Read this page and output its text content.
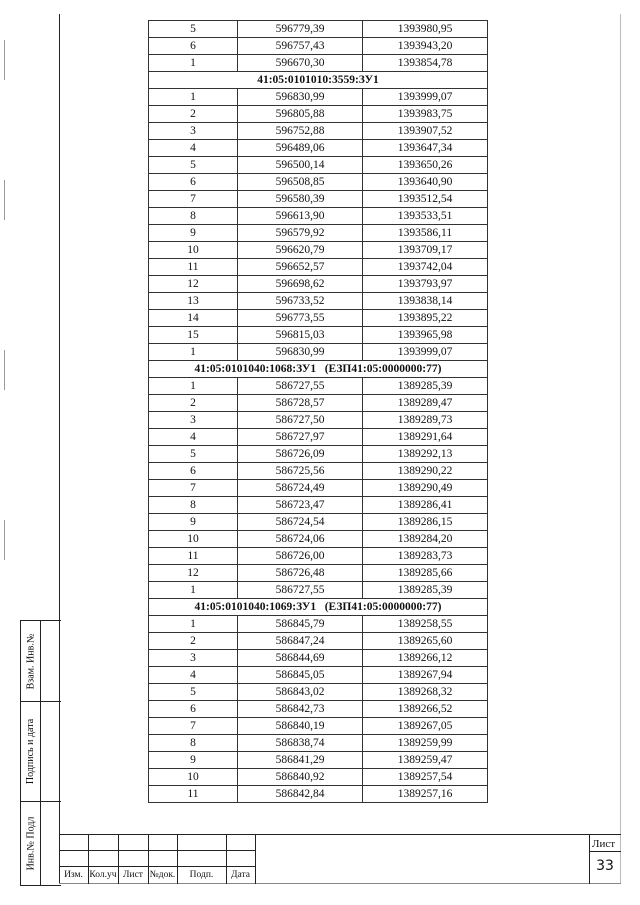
5	596779,39	1393980,95
6	596757,43	1393943,20
1	596670,30	1393854,78
41:05:0101010:3559:ЗУ1		
1	596830,99	1393999,07
2	596805,88	1393983,75
3	596752,88	1393907,52
4	596489,06	1393647,34
5	596500,14	1393650,26
6	596508,85	1393640,90
7	596580,39	1393512,54
8	596613,90	1393533,51
9	596579,92	1393586,11
10	596620,79	1393709,17
11	596652,57	1393742,04
12	596698,62	1393793,97
13	596733,52	1393838,14
14	596773,55	1393895,22
15	596815,03	1393965,98
1	596830,99	1393999,07
41:05:0101040:1068:ЗУ1   (ЕЗП41:05:0000000:77)		
1	586727,55	1389285,39
2	586728,57	1389289,47
3	586727,50	1389289,73
4	586727,97	1389291,64
5	586726,09	1389292,13
6	586725,56	1389290,22
7	586724,49	1389290,49
8	586723,47	1389286,41
9	586724,54	1389286,15
10	586724,06	1389284,20
11	586726,00	1389283,73
12	586726,48	1389285,66
1	586727,55	1389285,39
41:05:0101040:1069:ЗУ1   (ЕЗП41:05:0000000:77)		
1	586845,79	1389258,55
2	586847,24	1389265,60
3	586844,69	1389266,12
4	586845,05	1389267,94
5	586843,02	1389268,32
6	586842,73	1389266,52
7	586840,19	1389267,05
8	586838,74	1389259,99
9	586841,29	1389259,47
10	586840,92	1389257,54
11	586842,84	1389257,16
Взам. Инв.№
Подпись и дата
Инв.№ Подл
Изм. Кол.уч Лист №док.	Подп.	Дата
Лист
33
